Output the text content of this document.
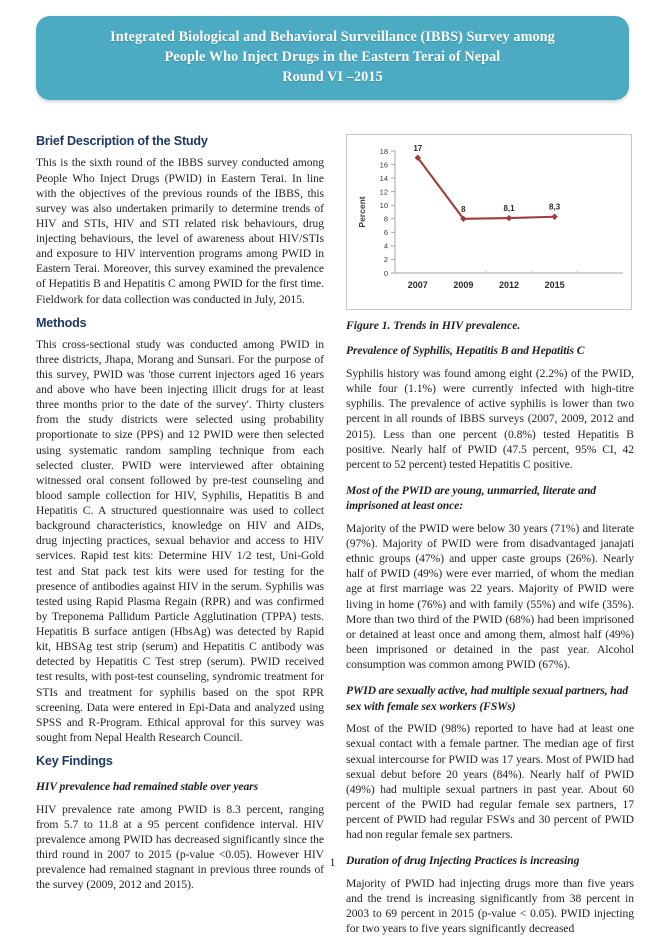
Integrated Biological and Behavioral Surveillance (IBBS) Survey among
People Who Inject Drugs in the Eastern Terai of Nepal
Round VI –2015
Brief Description of the Study

This is the sixth round of the IBBS survey conducted among People Who Inject Drugs (PWID) in Eastern Terai. In line with the objectives of the previous rounds of the IBBS, this survey was also undertaken primarily to determine trends of HIV and STIs, HIV and STI related risk behaviours, drug injecting behaviours, the level of awareness about HIV/STIs and exposure to HIV intervention programs among PWID in Eastern Terai. Moreover, this survey examined the prevalence of Hepatitis B and Hepatitis C among PWID for the first time. Fieldwork for data collection was conducted in July, 2015.

Methods

This cross-sectional study was conducted among PWID in three districts, Jhapa, Morang and Sunsari. For the purpose of this survey, PWID was 'those current injectors aged 16 years and above who have been injecting illicit drugs for at least three months prior to the date of the survey'. Thirty clusters from the study districts were selected using probability proportionate to size (PPS) and 12 PWID were then selected using systematic random sampling technique from each selected cluster. PWID were interviewed after obtaining witnessed oral consent followed by pre-test counseling and blood sample collection for HIV, Syphilis, Hepatitis B and Hepatitis C. A structured questionnaire was used to collect background characteristics, knowledge on HIV and AIDs, drug injecting practices, sexual behavior and access to HIV services. Rapid test kits: Determine HIV 1/2 test, Uni-Gold test and Stat pack test kits were used for testing for the presence of antibodies against HIV in the serum. Syphilis was tested using Rapid Plasma Regain (RPR) and was confirmed by Treponema Pallidum Particle Agglutination (TPPA) tests. Hepatitis B surface antigen (HbsAg) was detected by Rapid kit, HBSAg test strip (serum) and Hepatitis C antibody was detected by Hepatitis C Test strep (serum). PWID received test results, with post-test counseling, syndromic treatment for STIs and treatment for syphilis based on the spot RPR screening. Data were entered in Epi-Data and analyzed using SPSS and R-Program. Ethical approval for this survey was sought from Nepal Health Research Council.

Key Findings
HIV prevalence had remained stable over years

HIV prevalence rate among PWID is 8.3 percent, ranging from 5.7 to 11.8 at a 95 percent confidence interval. HIV prevalence among PWID has decreased significantly since the third round in 2007 to 2015 (p-value <0.05). However HIV prevalence had remained stagnant in previous three rounds of the survey (2009, 2012 and 2015).

Percent
0
2
4
6
8
10
12
14
16
18	17
8	8,1	8,3
2007	2009	2012	2015
Figure 1. Trends in HIV prevalence.
Prevalence of Syphilis, Hepatitis B and Hepatitis C

Syphilis history was found among eight (2.2%) of the PWID, while four (1.1%) were currently infected with high-titre syphilis. The prevalence of active syphilis is lower than two percent in all rounds of IBBS surveys (2007, 2009, 2012 and 2015). Less than one percent (0.8%) tested Hepatitis B positive. Nearly half of PWID (47.5 percent, 95% CI, 42 percent to 52 percent) tested Hepatitis C positive.

Most of the PWID are young, unmarried, literate and imprisoned at least once:

Majority of the PWID were below 30 years (71%) and literate (97%). Majority of PWID were from disadvantaged janajati ethnic groups (47%) and upper caste groups (26%). Nearly half of PWID (49%) were ever married, of whom the median age at first marriage was 22 years. Majority of PWID were living in home (76%) and with family (55%) and wife (35%). More than two third of the PWID (68%) had been imprisoned or detained at least once and among them, almost half (49%) been imprisoned or detained in the past year. Alcohol consumption was common among PWID (67%).

PWID are sexually active, had multiple sexual partners, had sex with female sex workers (FSWs)

Most of the PWID (98%) reported to have had at least one sexual contact with a female partner. The median age of first sexual intercourse for PWID was 17 years. Most of PWID had sexual debut before 20 years (84%). Nearly half of PWID (49%) had multiple sexual partners in past year. About 60 percent of the PWID had regular female sex partners, 17 percent of PWID had regular FSWs and 30 percent of PWID had non regular female sex partners.

Duration of drug Injecting Practices is increasing

Majority of PWID had injecting drugs more than five years and the trend is increasing significantly from 38 percent in 2003 to 69 percent in 2015 (p-value < 0.05). PWID injecting for two years to five years significantly decreased

1
